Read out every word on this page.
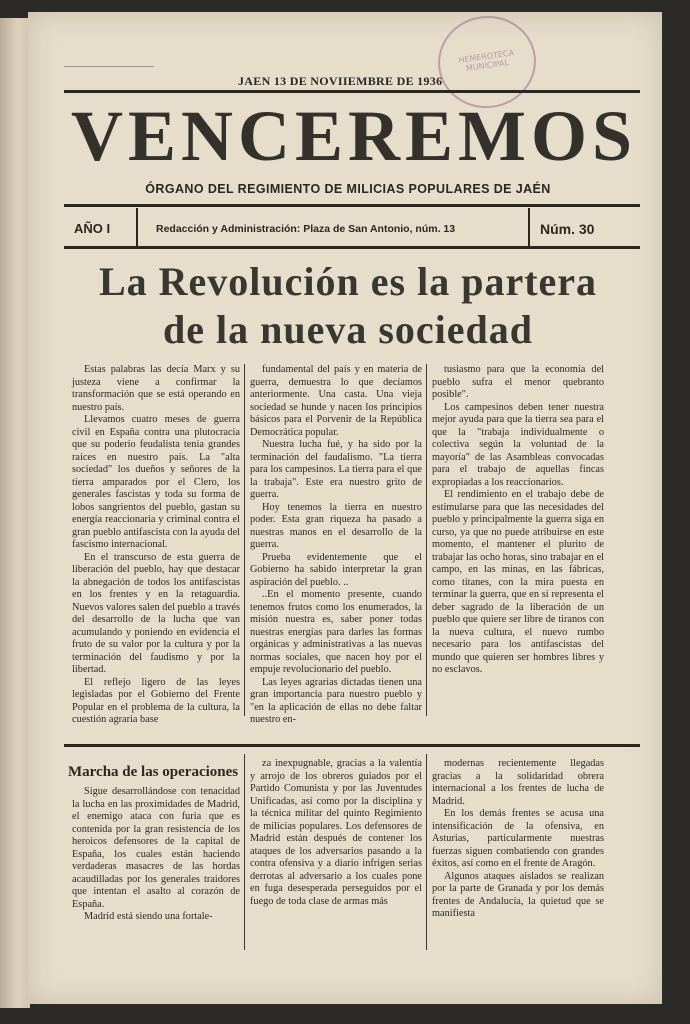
HEMEROTECA MUNICIPAL
JAEN 13 DE NOVIIEMBRE DE 1936
VENCEREMOS
ÓRGANO DEL REGIMIENTO DE MILICIAS POPULARES DE JAÉN
AÑO I	Redacción y Administración: Plaza de San Antonio, núm. 13	Núm. 30
La Revolución es la partera
de la nueva sociedad

Estas palabras las decía Marx y su justeza viene a confirmar la transformación que se está operando en nuestro país.

Llevamos cuatro meses de guerra civil en España contra una plutocracia que su poderío feudalista tenía grandes raíces en nuestro país. La "alta sociedad" los dueños y señores de la tierra amparados por el Clero, los generales fascistas y toda su forma de lobos sangrientos del pueblo, gastan su energía reaccionaria y criminal contra el gran pueblo antifascista con la ayuda del fascismo internacional.

En el transcurso de esta guerra de liberación del pueblo, hay que destacar la abnegación de todos los antifascistas en los frentes y en la retaguardia. Nuevos valores salen del pueblo a través del desarrollo de la lucha que van acumulando y poniendo en evidencia el fruto de su valor por la cultura y por la terminación del faudismo y por la libertad.

El reflejo ligero de las leyes legisladas por el Gobierno del Frente Popular en el problema de la cultura, la cuestión agraria base

fundamental del país y en materia de guerra, demuestra lo que decíamos anteriormente. Una casta. Una vieja sociedad se hunde y nacen los principios básicos para el Porvenir de la República Democrática popular.

Nuestra lucha fué, y ha sido por la terminación del faudalismo. "La tierra para los campesinos. La tierra para el que la trabaja". Este era nuestro grito de guerra.

Hoy tenemos la tierra en nuestro poder. Esta gran riqueza ha pasado a nuestras manos en el desarrollo de la guerra.

Prueba evidentemente que el Gobierno ha sabido interpretar la gran aspiración del pueblo. ..

..En el momento presente, cuando tenemos frutos como los enumerados, la misión nuestra es, saber poner todas nuestras energías para darles las formas orgánicas y administrativas a las nuevas normas sociales, que nacen hoy por el empuje revolucionario del pueblo.

Las leyes agrarias dictadas tienen una gran importancia para nuestro pueblo y "en la aplicación de ellas no debe faltar nuestro en-

tusiasmo para que la economía del pueblo sufra el menor quebranto posible".

Los campesinos deben tener nuestra mejor ayuda para que la tierra sea para el que la "trabaja individualmente o colectiva según la voluntad de la mayoría" de las Asambleas convocadas para el trabajo de aquellas fincas expropiadas a los reaccionarios.

El rendimiento en el trabajo debe de estimularse para que las necesidades del pueblo y principalmente la guerra siga en curso, ya que no puede atribuirse en este momento, el mantener el plurito de trabajar las ocho horas, sino trabajar en el campo, en las minas, en las fábricas, como titanes, con la mira puesta en terminar la guerra, que en si representa el deber sagrado de la liberación de un pueblo que quiere ser libre de tiranos con la nueva cultura, el nuevo rumbo necesario para los antifascistas del mundo que quieren ser hombres libres y no esclavos.

Marcha de las operaciones

Sigue desarrollándose con tenacidad la lucha en las proximidades de Madrid, el enemigo ataca con furia que es contenida por la gran resistencia de los heroicos defensores de la capital de España, los cuales están haciendo verdaderas masacres de las hordas acaudilladas por los generales traidores que intentan el asalto al corazón de España.

Madrid está siendo una fortale-

za inexpugnable, gracias a la valentía y arrojo de los obreros guiados por el Partido Comunista y por las Juventudes Unificadas, así como por la disciplina y la técnica militar del quinto Regimiento de milicias populares. Los defensores de Madrid están después de contener los ataques de los adversarios pasando a la contra ofensiva y a diario infrigen serias derrotas al adversario a los cuales pone en fuga desesperada perseguidos por el fuego de toda clase de armas más

modernas recientemente llegadas gracias a la solidaridad obrera internacional a los frentes de lucha de Madrid.

En los demás frentes se acusa una intensificación de la ofensiva, en Asturias, particularmente nuestras fuerzas siguen combatiendo con grandes éxitos, así como en el frente de Aragón.

Algunos ataques aislados se realizan por la parte de Granada y por los demás frentes de Andalucía, la quietud que se manifiesta
